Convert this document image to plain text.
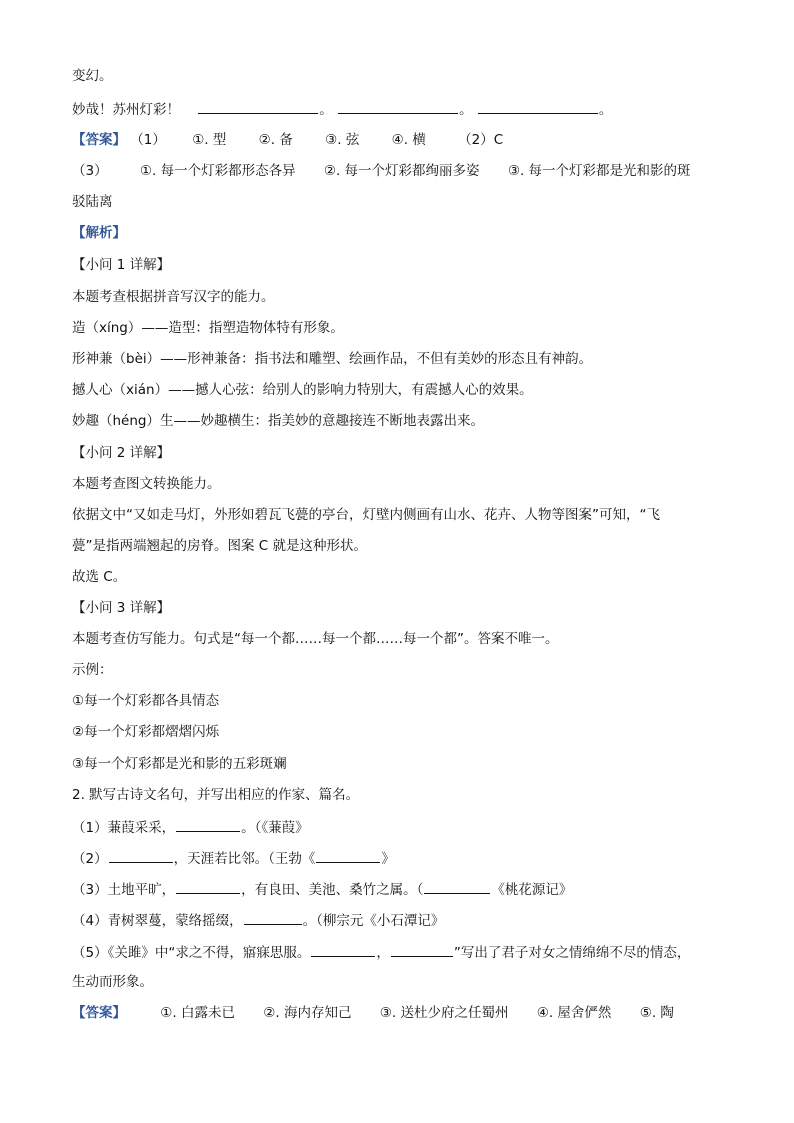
变幻。
妙哉！苏州灯彩！	。	。	。
【答案】 （1） ①. 型 ②. 备 ③. 弦 ④. 横 （2）C
（3） ①. 每一个灯彩都形态各异 ②. 每一个灯彩都绚丽多姿 ③. 每一个灯彩都是光和影的斑
驳陆离
【解析】
【小问 1 详解】
本题考查根据拼音写汉字的能力。
造（xíng）——造型：指塑造物体特有形象。
形神兼（bèi）——形神兼备：指书法和雕塑、绘画作品，不但有美妙的形态且有神韵。
撼人心（xián）——撼人心弦：给别人的影响力特别大，有震撼人心的效果。
妙趣（héng）生——妙趣横生：指美妙的意趣接连不断地表露出来。
【小问 2 详解】
本题考查图文转换能力。
依据文中“又如走马灯，外形如碧瓦飞甍的亭台，灯壁内侧画有山水、花卉、人物等图案”可知，“飞
甍”是指两端翘起的房脊。图案 C 就是这种形状。
故选 C。
【小问 3 详解】
本题考查仿写能力。句式是“每一个都……每一个都……每一个都”。答案不唯一。
示例：
①每一个灯彩都各具情态
②每一个灯彩都熠熠闪烁
③每一个灯彩都是光和影的五彩斑斓
2. 默写古诗文名句，并写出相应的作家、篇名。
（1）蒹葭采采，	。（《蒹葭》
（2）	，天涯若比邻。（王勃《	》
（3）土地平旷，	，有良田、美池、桑竹之属。（	《桃花源记》
（4）青树翠蔓，蒙络摇缀，	。（柳宗元《小石潭记》
（5）《关雎》中“求之不得，寤寐思服。	，	”写出了君子对女之情绵绵不尽的情态，
生动而形象。
【答案】	①. 白露未已 ②. 海内存知己 ③. 送杜少府之任蜀州 ④. 屋舍俨然 ⑤. 陶
